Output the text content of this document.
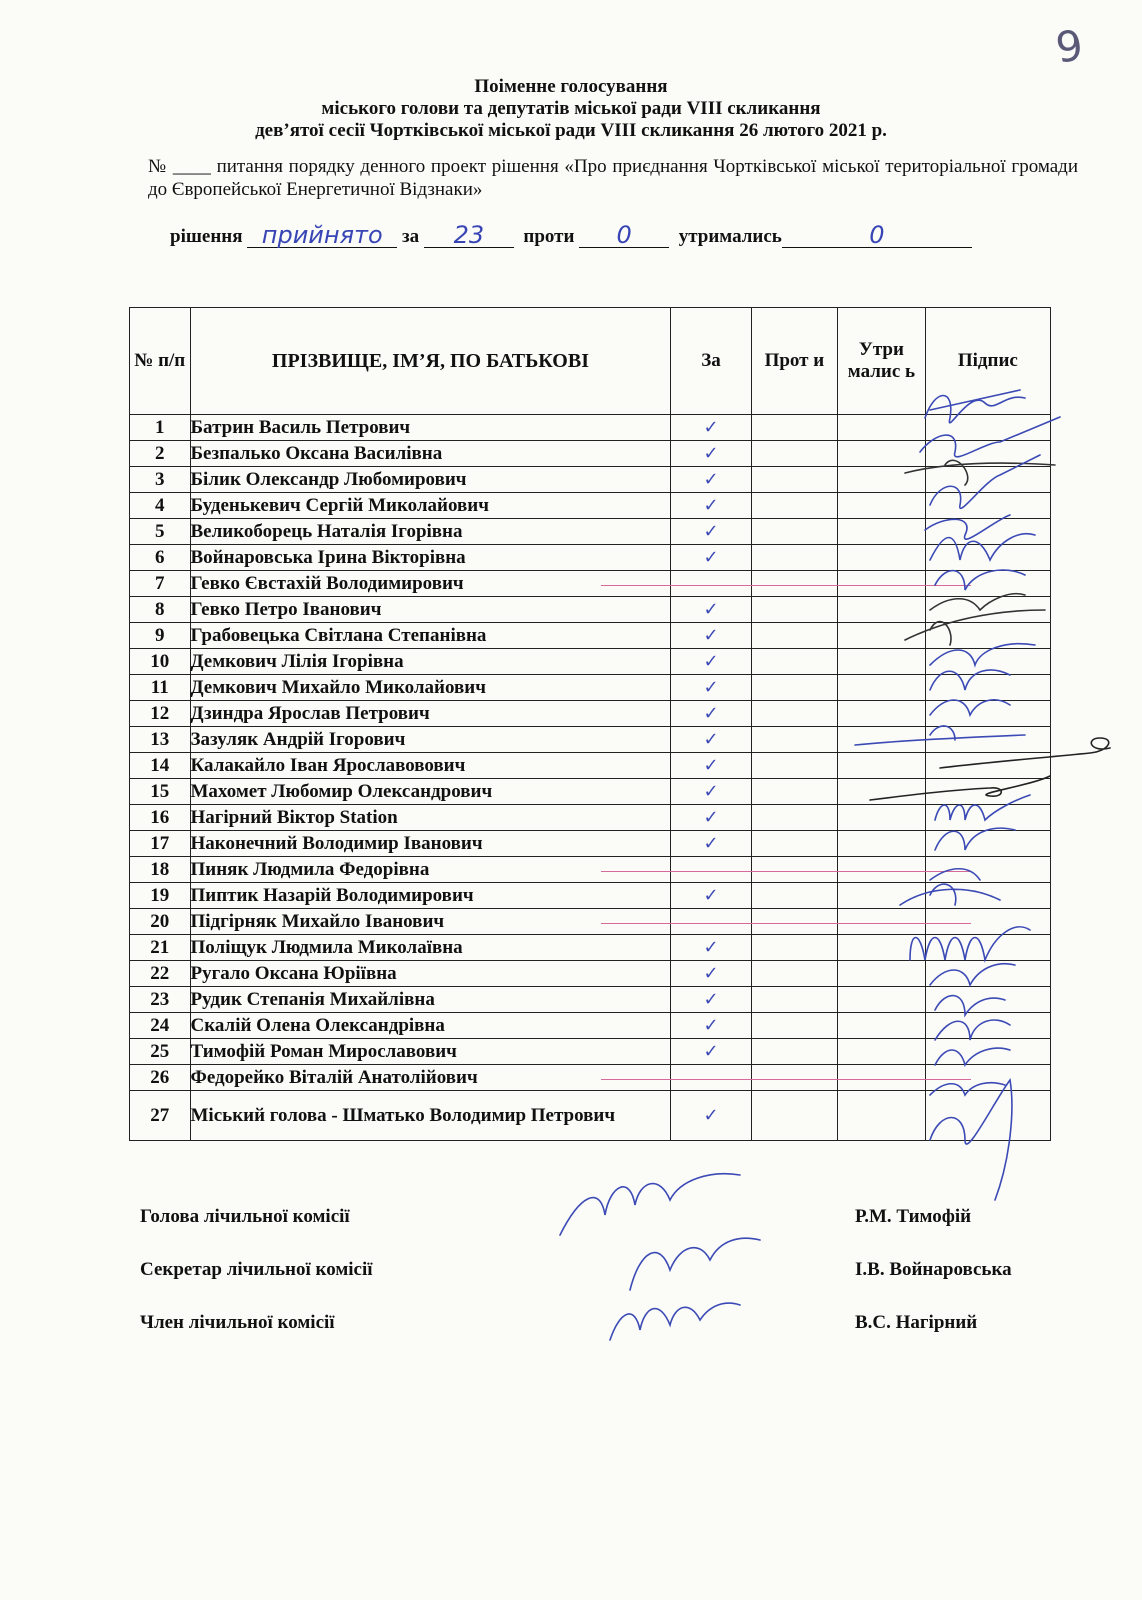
9
Поіменне голосування
міського голови та депутатів міської ради VIII скликання
дев’ятої сесії Чортківської міської ради VIII скликання 26 лютого 2021 р.
№ ____ питання порядку денного проект рішення «Про приєднання Чортківської міської територіальної громади до Європейської Енергетичної Відзнаки»
рішення прийнято за 23 проти 0 утримались	0
№ п/п	ПРІЗВИЩЕ, ІМ’Я, ПО БАТЬКОВІ	За	Прот и	Утри малис ь	Підпис
1	Батрин Василь Петрович	✓			
2	Безпалько Оксана Василівна	✓			
3	Білик Олександр Любомирович	✓			
4	Буденькевич Сергій Миколайович	✓			
5	Великоборець Наталія Ігорівна	✓			
6	Войнаровська Ірина Вікторівна	✓			
7	Гевко Євстахій Володимирович	

8	Гевко Петро Іванович	✓			
9	Грабовецька Світлана Степанівна	✓			
10	Демкович Лілія Ігорівна	✓			
11	Демкович Михайло Миколайович	✓			
12	Дзиндра Ярослав Петрович	✓			
13	Зазуляк Андрій Ігорович	✓			
14	Калакайло Іван Ярославовович	✓			
15	Махомет Любомир Олександрович	✓			
16	Нагірний Віктор Station	✓			
17	Наконечний Володимир Іванович	✓			
18	Пиняк Людмила Федорівна	

19	Пиптик Назарій Володимирович	✓			
20	Підгірняк Михайло Іванович	

21	Поліщук Людмила Миколаївна	✓			
22	Ругало Оксана Юріївна	✓			
23	Рудик Степанія Михайлівна	✓			
24	Скалій Олена Олександрівна	✓			
25	Тимофій Роман Мирославович	✓			
26	Федорейко Віталій Анатолійович	

27	Міський голова - Шматько Володимир Петрович	✓			
Голова лічильної комісії	Р.М. Тимофій
Секретар лічильної комісії	І.В. Войнаровська
Член лічильної комісії	В.С. Нагірний
